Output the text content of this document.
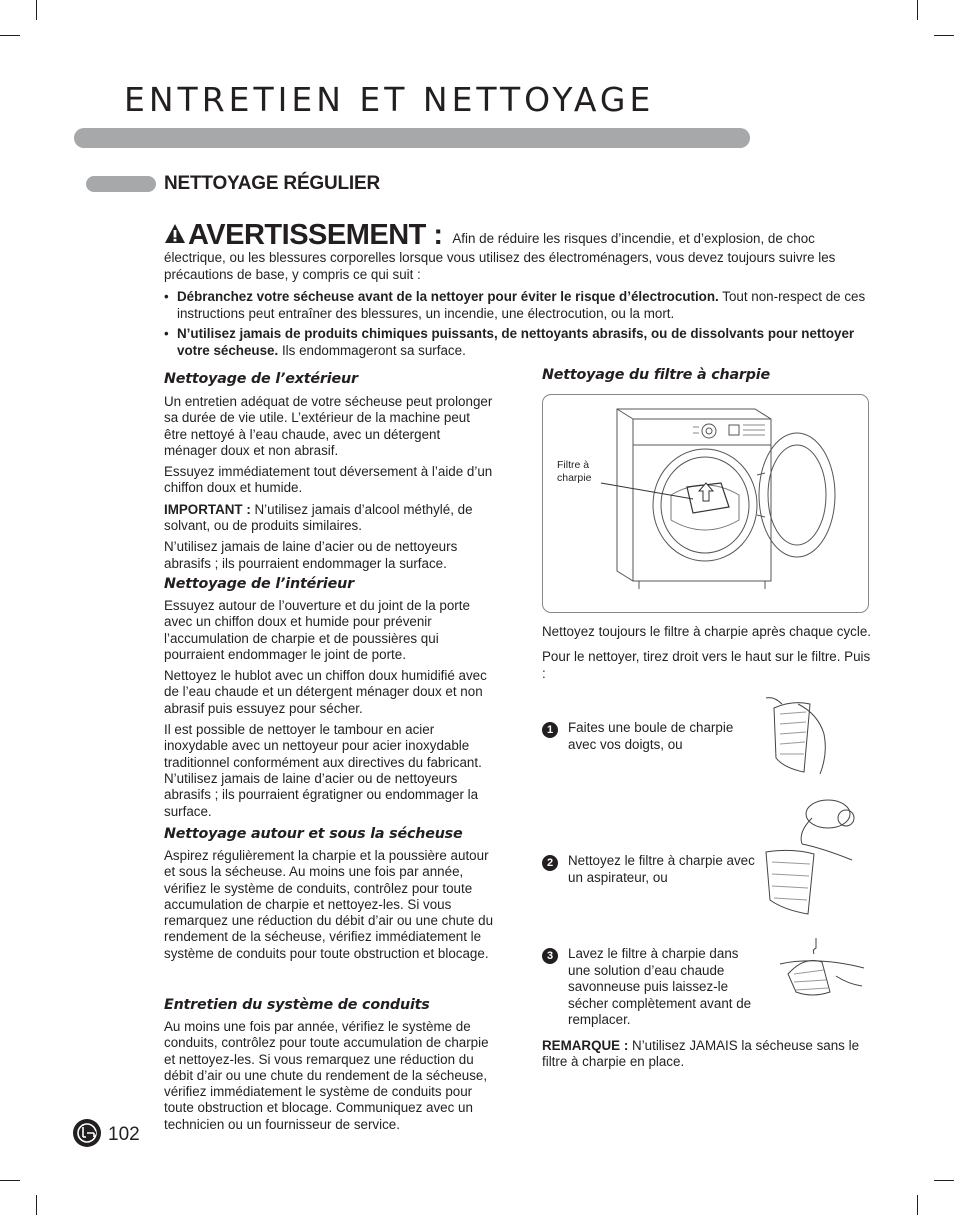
ENTRETIEN ET NETTOYAGE
NETTOYAGE RÉGULIER
AVERTISSEMENT : Afin de réduire les risques d’incendie, et d’explosion, de choc électrique, ou les blessures corporelles lorsque vous utilisez des électroménagers, vous devez toujours suivre les précautions de base, y compris ce qui suit :
• Débranchez votre sécheuse avant de la nettoyer pour éviter le risque d’électrocution. Tout non-respect de ces instructions peut entraîner des blessures, un incendie, une électrocution, ou la mort.
• N’utilisez jamais de produits chimiques puissants, de nettoyants abrasifs, ou de dissolvants pour nettoyer votre sécheuse. Ils endommageront sa surface.
Nettoyage de l’extérieur

Un entretien adéquat de votre sécheuse peut prolonger sa durée de vie utile. L’extérieur de la machine peut être nettoyé à l’eau chaude, avec un détergent ménager doux et non abrasif.

Essuyez immédiatement tout déversement à l’aide d’un chiffon doux et humide.

IMPORTANT : N’utilisez jamais d’alcool méthylé, de solvant, ou de produits similaires.

N’utilisez jamais de laine d’acier ou de nettoyeurs abrasifs ; ils pourraient endommager la surface.

Nettoyage de l’intérieur

Essuyez autour de l’ouverture et du joint de la porte avec un chiffon doux et humide pour prévenir l’accumulation de charpie et de poussières qui pourraient endommager le joint de porte.

Nettoyez le hublot avec un chiffon doux humidifié avec de l’eau chaude et un détergent ménager doux et non abrasif puis essuyez pour sécher.

Il est possible de nettoyer le tambour en acier inoxydable avec un nettoyeur pour acier inoxydable traditionnel conformément aux directives du fabricant. N’utilisez jamais de laine d’acier ou de nettoyeurs abrasifs ; ils pourraient égratigner ou endommager la surface.

Nettoyage autour et sous la sécheuse

Aspirez régulièrement la charpie et la poussière autour et sous la sécheuse. Au moins une fois par année, vérifiez le système de conduits, contrôlez pour toute accumulation de charpie et nettoyez-les. Si vous remarquez une réduction du débit d’air ou une chute du rendement de la sécheuse, vérifiez immédiatement le système de conduits pour toute obstruction et blocage.

Entretien du système de conduits

Au moins une fois par année, vérifiez le système de conduits, contrôlez pour toute accumulation de charpie et nettoyez-les. Si vous remarquez une réduction du débit d’air ou une chute du rendement de la sécheuse, vérifiez immédiatement le système de conduits pour toute obstruction et blocage. Communiquez avec un technicien ou un fournisseur de service.

Nettoyage du filtre à charpie
Filtre à charpie

Nettoyez toujours le filtre à charpie après chaque cycle.

Pour le nettoyer, tirez droit vers le haut sur le filtre. Puis :

1	Faites une boule de charpie avec vos doigts, ou
2	Nettoyez le filtre à charpie avec un aspirateur, ou
3	Lavez le filtre à charpie dans une solution d’eau chaude savonneuse puis laissez-le sécher complètement avant de remplacer.

REMARQUE : N’utilisez JAMAIS la sécheuse sans le filtre à charpie en place.

102
